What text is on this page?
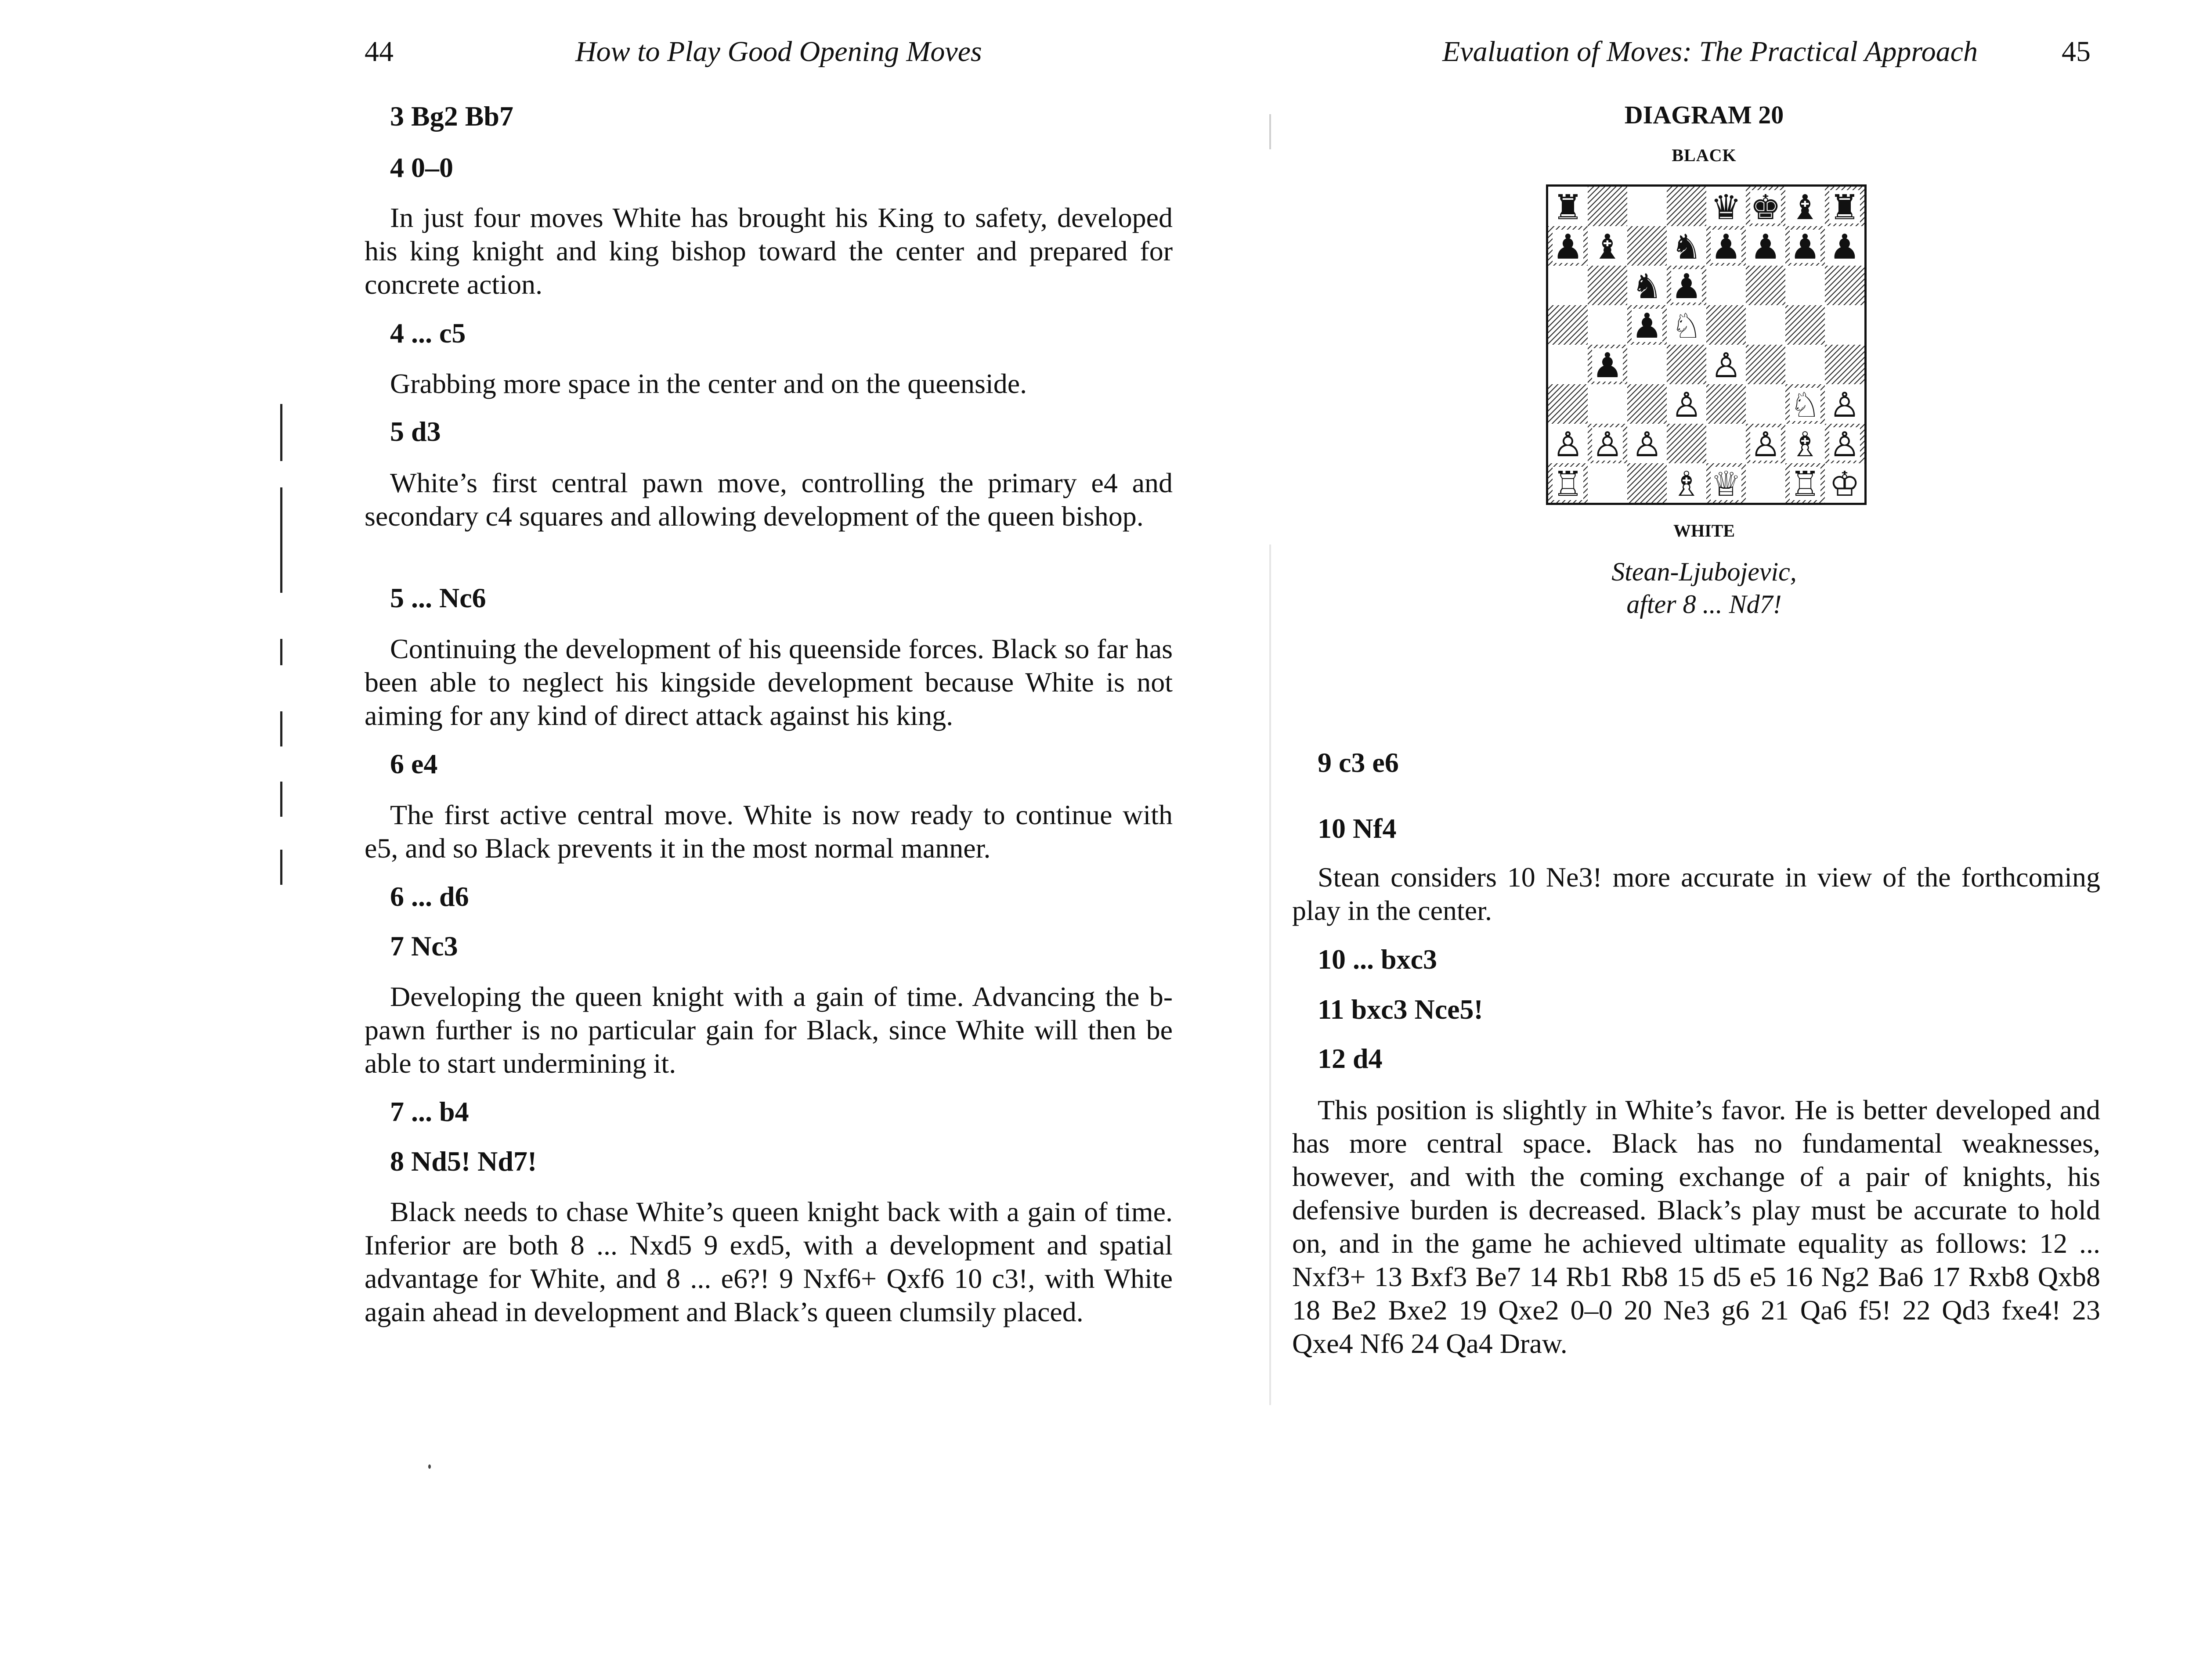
44	How to Play Good Opening Moves
3 Bg2 Bb7
4 0–0
In just four moves White has brought his King to safety, developed his king knight and king bishop toward the center and prepared for concrete action.
4 ... c5
Grabbing more space in the center and on the queenside.
5 d3
White’s first central pawn move, controlling the primary e4 and secondary c4 squares and allowing development of the queen bishop.
5 ... Nc6
Continuing the development of his queenside forces. Black so far has been able to neglect his kingside development because White is not aiming for any kind of direct attack against his king.
6 e4
The first active central move. White is now ready to continue with e5, and so Black prevents it in the most normal manner.
6 ... d6
7 Nc3
Developing the queen knight with a gain of time. Advancing the b-pawn further is no particular gain for Black, since White will then be able to start undermining it.
7 ... b4
8 Nd5! Nd7!
Black needs to chase White’s queen knight back with a gain of time. Inferior are both 8 ... Nxd5 9 exd5, with a development and spatial advantage for White, and 8 ... e6?! 9 Nxf6+ Qxf6 10 c3!, with White again ahead in development and Black’s queen clumsily placed.
Evaluation of Moves: The Practical Approach	45
9 c3 e6
10 Nf4
Stean considers 10 Ne3! more accurate in view of the forthcoming play in the center.
10 ... bxc3
11 bxc3 Nce5!
12 d4
This position is slightly in White’s favor. He is better developed and has more central space. Black has no fundamental weaknesses, however, and with the coming exchange of a pair of knights, his defensive burden is decreased. Black’s play must be accurate to hold on, and in the game he achieved ultimate equality as follows: 12 ... Nxf3+ 13 Bxf3 Be7 14 Rb1 Rb8 15 d5 e5 16 Ng2 Ba6 17 Rxb8 Qxb8 18 Be2 Bxe2 19 Qxe2 0–0 20 Ne3 g6 21 Qa6 f5! 22 Qd3 fxe4! 23 Qxe4 Nf6 24 Qa4 Draw.
DIAGRAM 20
BLACK
♜	♛ ♚ ♝ ♜
♟ ♝ ♞ ♟ ♟ ♟ ♟
♞ ♟
♟ ♘
♟	♙
♙	♘ ♙
♙ ♙ ♙	♙ ♗ ♙
♖	♗ ♕ ♖ ♔
WHITE
Stean-Ljubojevic,
after 8 ... Nd7!
